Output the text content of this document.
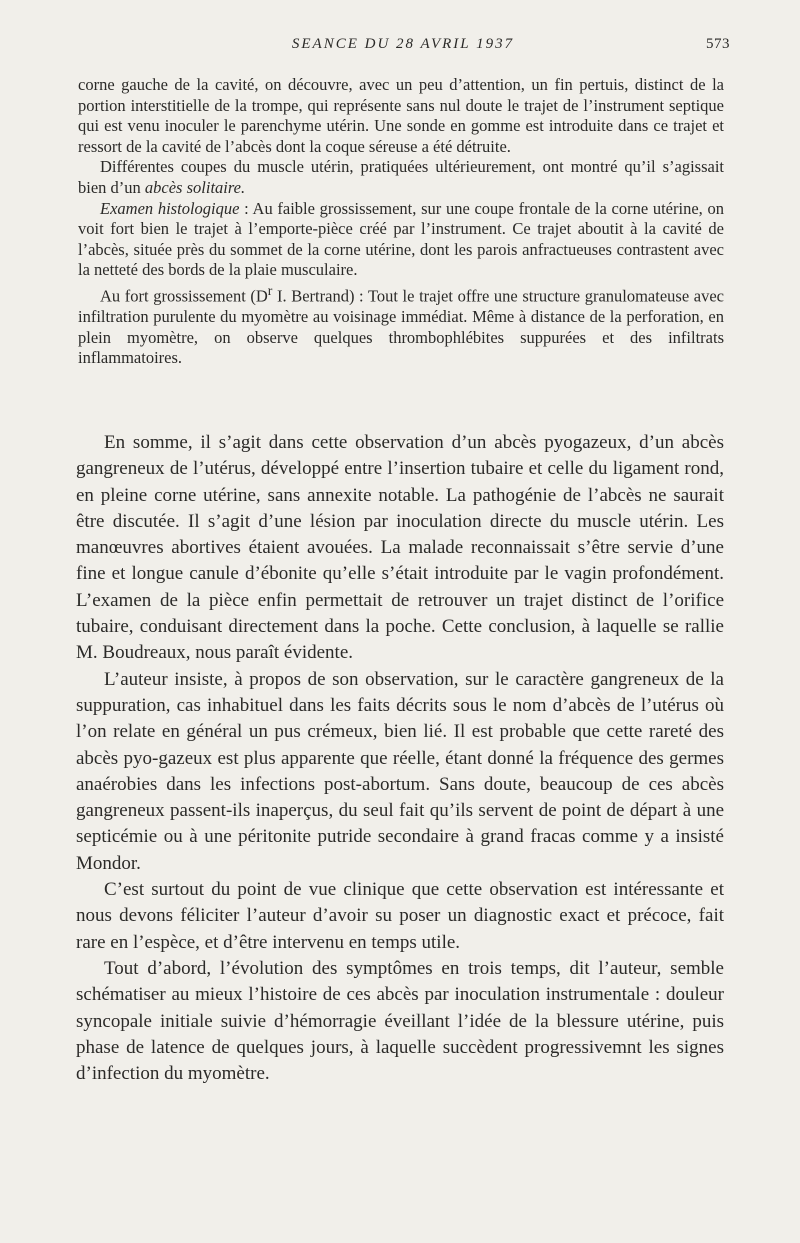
SEANCE DU 28 AVRIL 1937	573

corne gauche de la cavité, on découvre, avec un peu d’attention, un fin pertuis, distinct de la portion interstitielle de la trompe, qui représente sans nul doute le trajet de l’instrument septique qui est venu inoculer le parenchyme utérin. Une sonde en gomme est introduite dans ce trajet et ressort de la cavité de l’abcès dont la coque séreuse a été détruite.

Différentes coupes du muscle utérin, pratiquées ultérieurement, ont montré qu’il s’agissait bien d’un abcès solitaire.

Examen histologique : Au faible grossissement, sur une coupe frontale de la corne utérine, on voit fort bien le trajet à l’emporte-pièce créé par l’instrument. Ce trajet aboutit à la cavité de l’abcès, située près du sommet de la corne utérine, dont les parois anfractueuses contrastent avec la netteté des bords de la plaie musculaire.

Au fort grossissement ($D^r$ I. Bertrand) : Tout le trajet offre une structure granulomateuse avec infiltration purulente du myomètre au voisinage immédiat. Même à distance de la perforation, en plein myomètre, on observe quelques thrombophlébites suppurées et des infiltrats inflammatoires.

En somme, il s’agit dans cette observation d’un abcès pyogazeux, d’un abcès gangreneux de l’utérus, développé entre l’insertion tubaire et celle du ligament rond, en pleine corne utérine, sans annexite notable. La pathogénie de l’abcès ne saurait être discutée. Il s’agit d’une lésion par inoculation directe du muscle utérin. Les manœuvres abortives étaient avouées. La malade reconnaissait s’être servie d’une fine et longue canule d’ébonite qu’elle s’était introduite par le vagin profondément. L’examen de la pièce enfin permettait de retrouver un trajet distinct de l’orifice tubaire, conduisant directement dans la poche. Cette conclusion, à laquelle se rallie M. Boudreaux, nous paraît évidente.

L’auteur insiste, à propos de son observation, sur le caractère gangreneux de la suppuration, cas inhabituel dans les faits décrits sous le nom d’abcès de l’utérus où l’on relate en général un pus crémeux, bien lié. Il est probable que cette rareté des abcès pyo-gazeux est plus apparente que réelle, étant donné la fréquence des germes anaérobies dans les infections post-abortum. Sans doute, beaucoup de ces abcès gangreneux passent-ils inaperçus, du seul fait qu’ils servent de point de départ à une septicémie ou à une péritonite putride secondaire à grand fracas comme y a insisté Mondor.

C’est surtout du point de vue clinique que cette observation est intéressante et nous devons féliciter l’auteur d’avoir su poser un diagnostic exact et précoce, fait rare en l’espèce, et d’être intervenu en temps utile.

Tout d’abord, l’évolution des symptômes en trois temps, dit l’auteur, semble schématiser au mieux l’histoire de ces abcès par inoculation instrumentale : douleur syncopale initiale suivie d’hémorragie éveillant l’idée de la blessure utérine, puis phase de latence de quelques jours, à laquelle succèdent progressivemnt les signes d’infection du myomètre.
